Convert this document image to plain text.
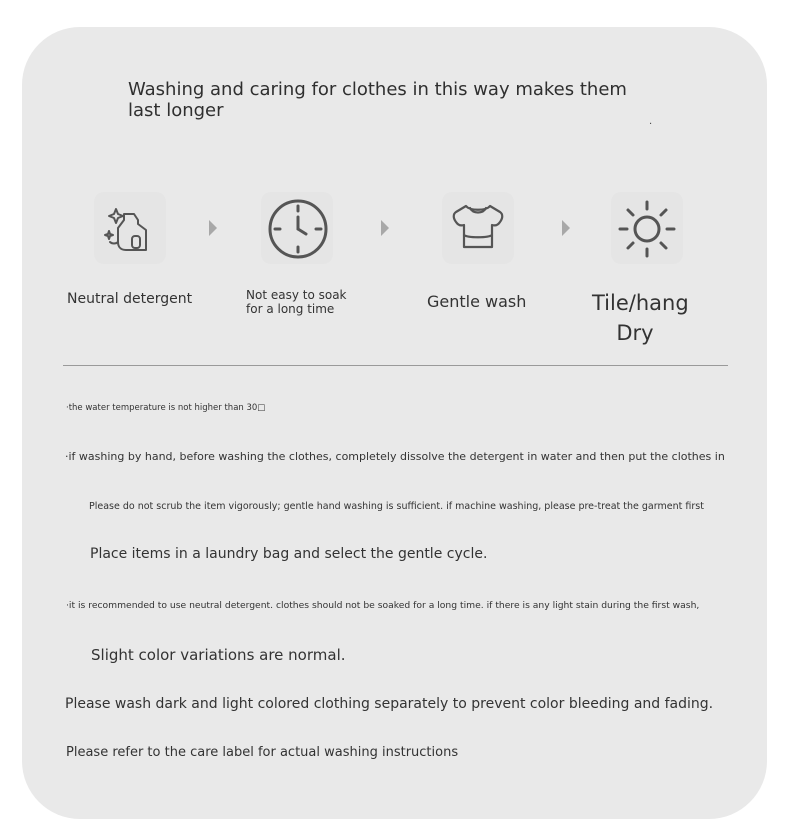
Washing and caring for clothes in this way makes them last longer
.
Neutral detergent	Not easy to soak
for a long time	Gentle wash	Tile/hang
Dry
·the water temperature is not higher than 30□
·if washing by hand, before washing the clothes, completely dissolve the detergent in water and then put the clothes in
Please do not scrub the item vigorously; gentle hand washing is sufficient. if machine washing, please pre-treat the garment first
Place items in a laundry bag and select the gentle cycle.
·it is recommended to use neutral detergent. clothes should not be soaked for a long time. if there is any light stain during the first wash,
Slight color variations are normal.
Please wash dark and light colored clothing separately to prevent color bleeding and fading.
Please refer to the care label for actual washing instructions
